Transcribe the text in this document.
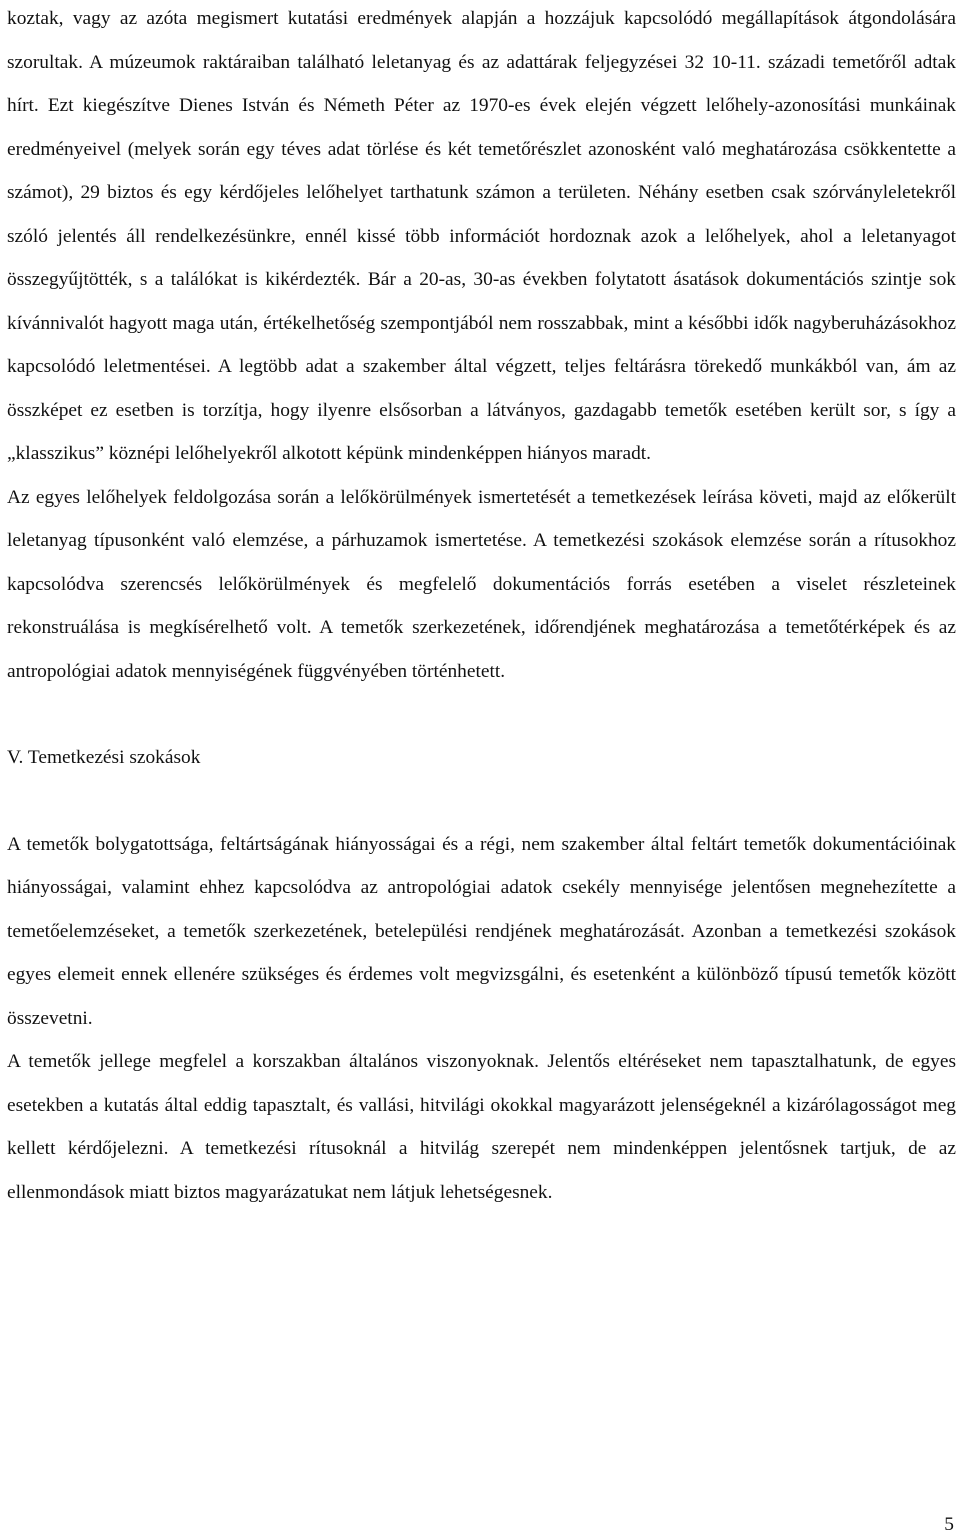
koztak, vagy az azóta megismert kutatási eredmények alapján a hozzájuk kapcsolódó megállapítások átgondolására szorultak. A múzeumok raktáraiban található leletanyag és az adattárak feljegyzései 32 10-11. századi temetőről adtak hírt. Ezt kiegészítve Dienes István és Németh Péter az 1970-es évek elején végzett lelőhely-azonosítási munkáinak eredményeivel (melyek során egy téves adat törlése és két temetőrészlet azonosként való meghatározása csökkentette a számot), 29 biztos és egy kérdőjeles lelőhelyet tarthatunk számon a területen. Néhány esetben csak szórványleletekről szóló jelentés áll rendelkezésünkre, ennél kissé több információt hordoznak azok a lelőhelyek, ahol a leletanyagot összegyűjtötték, s a találókat is kikérdezték. Bár a 20-as, 30-as években folytatott ásatások dokumentációs szintje sok kívánnivalót hagyott maga után, értékelhetőség szempontjából nem rosszabbak, mint a későbbi idők nagyberuházásokhoz kapcsolódó leletmentései. A legtöbb adat a szakember által végzett, teljes feltárásra törekedő munkákból van, ám az összképet ez esetben is torzítja, hogy ilyenre elsősorban a látványos, gazdagabb temetők esetében került sor, s így a „klasszikus” köznépi lelőhelyekről alkotott képünk mindenképpen hiányos maradt.

Az egyes lelőhelyek feldolgozása során a lelőkörülmények ismertetését a temetkezések leírása követi, majd az előkerült leletanyag típusonként való elemzése, a párhuzamok ismertetése. A temetkezési szokások elemzése során a rítusokhoz kapcsolódva szerencsés lelőkörülmények és megfelelő dokumentációs forrás esetében a viselet részleteinek rekonstruálása is megkísérelhető volt. A temetők szerkezetének, időrendjének meghatározása a temetőtérképek és az antropológiai adatok mennyiségének függvényében történhetett.

V. Temetkezési szokások

A temetők bolygatottsága, feltártságának hiányosságai és a régi, nem szakember által feltárt temetők dokumentációinak hiányosságai, valamint ehhez kapcsolódva az antropológiai adatok csekély mennyisége jelentősen megnehezítette a temetőelemzéseket, a temetők szerkezetének, betelepülési rendjének meghatározását. Azonban a temetkezési szokások egyes elemeit ennek ellenére szükséges és érdemes volt megvizsgálni, és esetenként a különböző típusú temetők között összevetni.

A temetők jellege megfelel a korszakban általános viszonyoknak. Jelentős eltéréseket nem tapasztalhatunk, de egyes esetekben a kutatás által eddig tapasztalt, és vallási, hitvilági okokkal magyarázott jelenségeknél a kizárólagosságot meg kellett kérdőjelezni. A temetkezési rítusoknál a hitvilág szerepét nem mindenképpen jelentősnek tartjuk, de az ellenmondások miatt biztos magyarázatukat nem látjuk lehetségesnek.

5
